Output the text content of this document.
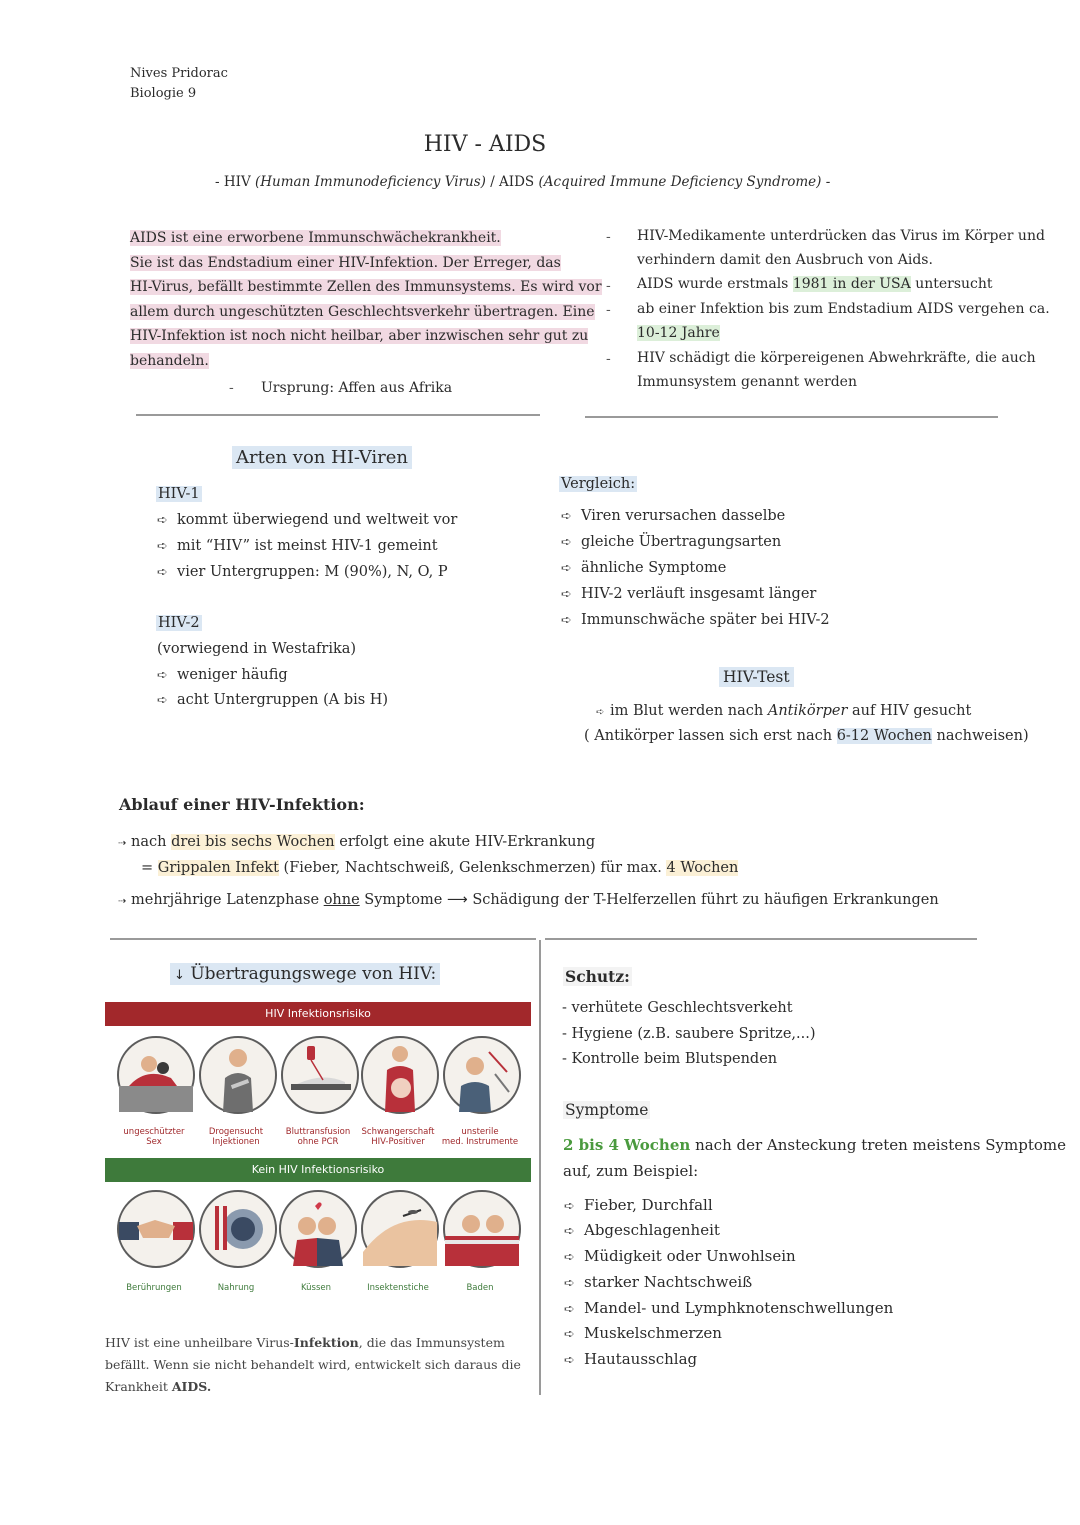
Nives Pridorac
Biologie 9
HIV - AIDS
- HIV (Human Immunodeficiency Virus) / AIDS (Acquired Immune Deficiency Syndrome) -
AIDS ist eine erworbene Immunschwächekrankheit.
Sie ist das Endstadium einer HIV-Infektion. Der Erreger, das
HI-Virus, befällt bestimmte Zellen des Immunsystems. Es wird vor
allem durch ungeschützten Geschlechtsverkehr übertragen. Eine
HIV-Infektion ist noch nicht heilbar, aber inzwischen sehr gut zu
behandeln.
- Ursprung: Affen aus Afrika
- HIV-Medikamente unterdrücken das Virus im Körper und
verhindern damit den Ausbruch von Aids.
- AIDS wurde erstmals 1981 in der USA untersucht
- ab einer Infektion bis zum Endstadium AIDS vergehen ca.
10-12 Jahre
- HIV schädigt die körpereigenen Abwehrkräfte, die auch
Immunsystem genannt werden
Arten von HI-Viren
HIV-1
➪ kommt überwiegend und weltweit vor
➪ mit “HIV” ist meinst HIV-1 gemeint
➪ vier Untergruppen: M (90%), N, O, P
HIV-2
(vorwiegend in Westafrika)
➪ weniger häufig
➪ acht Untergruppen (A bis H)
Vergleich:
➪ Viren verursachen dasselbe
➪ gleiche Übertragungsarten
➪ ähnliche Symptome
➪ HIV-2 verläuft insgesamt länger
➪ Immunschwäche später bei HIV-2
HIV-Test
➪ im Blut werden nach Antikörper auf HIV gesucht
( Antikörper lassen sich erst nach 6-12 Wochen nachweisen)
Ablauf einer HIV-Infektion:
⇢ nach drei bis sechs Wochen erfolgt eine akute HIV-Erkrankung
= Grippalen Infekt (Fieber, Nachtschweiß, Gelenkschmerzen) für max. 4 Wochen
⇢ mehrjährige Latenzphase ohne Symptome ⟶ Schädigung der T-Helferzellen führt zu häufigen Erkrankungen
↓ Übertragungswege von HIV:
HIV Infektionsrisiko
ungeschützter
Sex
Drogensucht
Injektionen
Bluttransfusion
ohne PCR
Schwangerschaft
HIV-Positiver
unsterile
med. Instrumente
Kein HIV Infektionsrisiko
Berührungen	Nahrung	Küssen	Insektenstiche	Baden
HIV ist eine unheilbare Virus-Infektion, die das Immunsystem befällt. Wenn sie nicht behandelt wird, entwickelt sich daraus die Krankheit AIDS.
Schutz:
- verhütete Geschlechtsverkeht
- Hygiene (z.B. saubere Spritze,...)
- Kontrolle beim Blutspenden
Symptome
2 bis 4 Wochen nach der Ansteckung treten meistens Symptome
auf, zum Beispiel:
➪ Fieber, Durchfall
➪ Abgeschlagenheit
➪ Müdigkeit oder Unwohlsein
➪ starker Nachtschweiß
➪ Mandel- und Lymphknotenschwellungen
➪ Muskelschmerzen
➪ Hautausschlag
